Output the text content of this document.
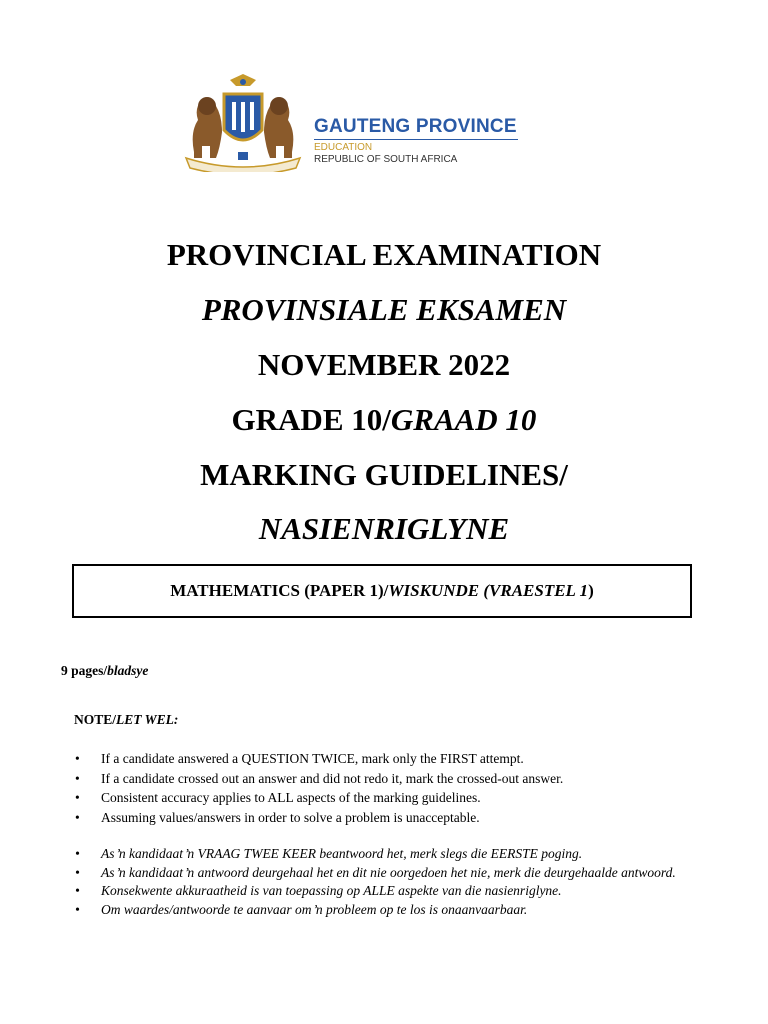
GAUTENG PROVINCE
EDUCATION
REPUBLIC OF SOUTH AFRICA
PROVINCIAL EXAMINATION
PROVINSIALE EKSAMEN
NOVEMBER 2022
GRADE 10/GRAAD 10
MARKING GUIDELINES/
NASIENRIGLYNE
MATHEMATICS (PAPER 1)/WISKUNDE (VRAESTEL 1)
9 pages/bladsye
NOTE/LET WEL:
• If a candidate answered a QUESTION TWICE, mark only the FIRST attempt.
• If a candidate crossed out an answer and did not redo it, mark the crossed-out answer.
• Consistent accuracy applies to ALL aspects of the marking guidelines.
• Assuming values/answers in order to solve a problem is unacceptable.
• As ŉ kandidaat ŉ VRAAG TWEE KEER beantwoord het, merk slegs die EERSTE poging.
• As ŉ kandidaat ŉ antwoord deurgehaal het en dit nie oorgedoen het nie, merk die deurgehaalde antwoord.
• Konsekwente akkuraatheid is van toepassing op ALLE aspekte van die nasienriglyne.
• Om waardes/antwoorde te aanvaar om ŉ probleem op te los is onaanvaarbaar.
